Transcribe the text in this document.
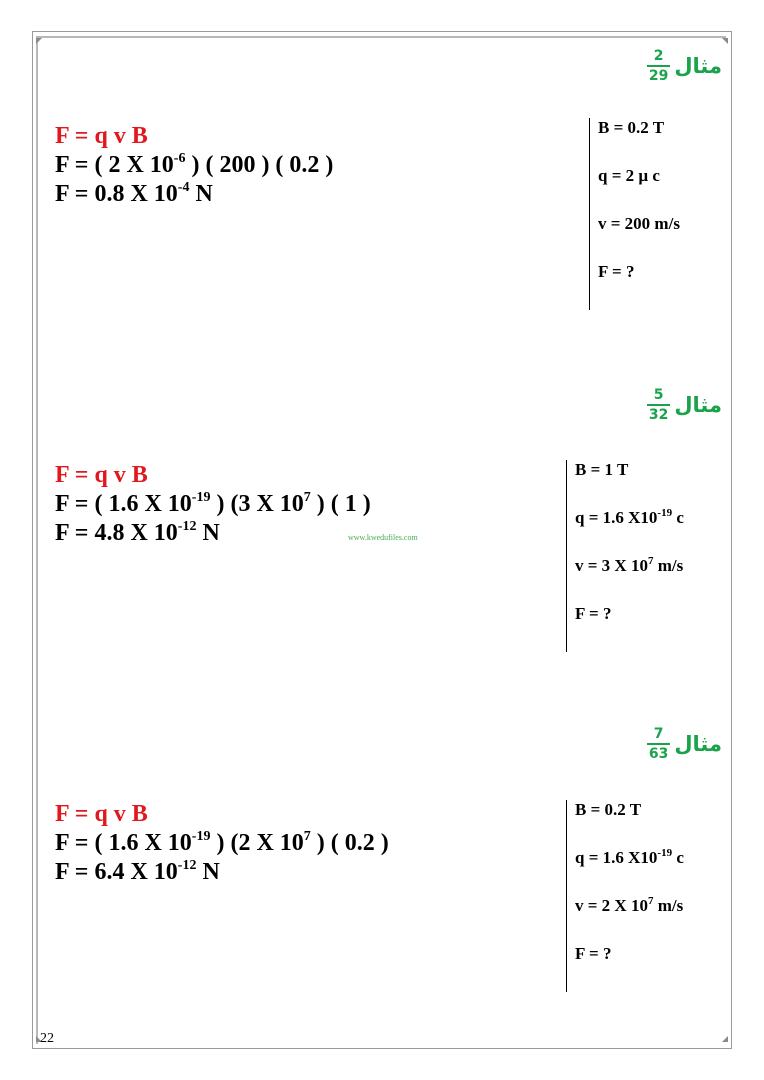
مثال
$\frac{2}{29}$
F = q v B
F = ( 2 X $10^{-6}$ ) ( 200 ) ( 0.2 )
F = 0.8 X $10^{-4}$ N
B = 0.2 T
q = 2 µ c
v = 200 m/s
F = ?
مثال
$\frac{5}{32}$
F = q v B
F = ( 1.6 X $10^{-19}$ ) (3 X $10^7$ ) ( 1 )
F = 4.8 X $10^{-12}$ N
B = 1 T
q = 1.6 $X10^{-19}$ c
v = 3 X $10^7$ m/s
F = ?
www.kwedufiles.com
مثال
$\frac{7}{63}$
F = q v B
F = ( 1.6 X $10^{-19}$ ) (2 X $10^7$ ) ( 0.2 )
F = 6.4 X $10^{-12}$ N
B = 0.2 T
q = 1.6 $X10^{-19}$ c
v = 2 X $10^7$ m/s
F = ?
22
